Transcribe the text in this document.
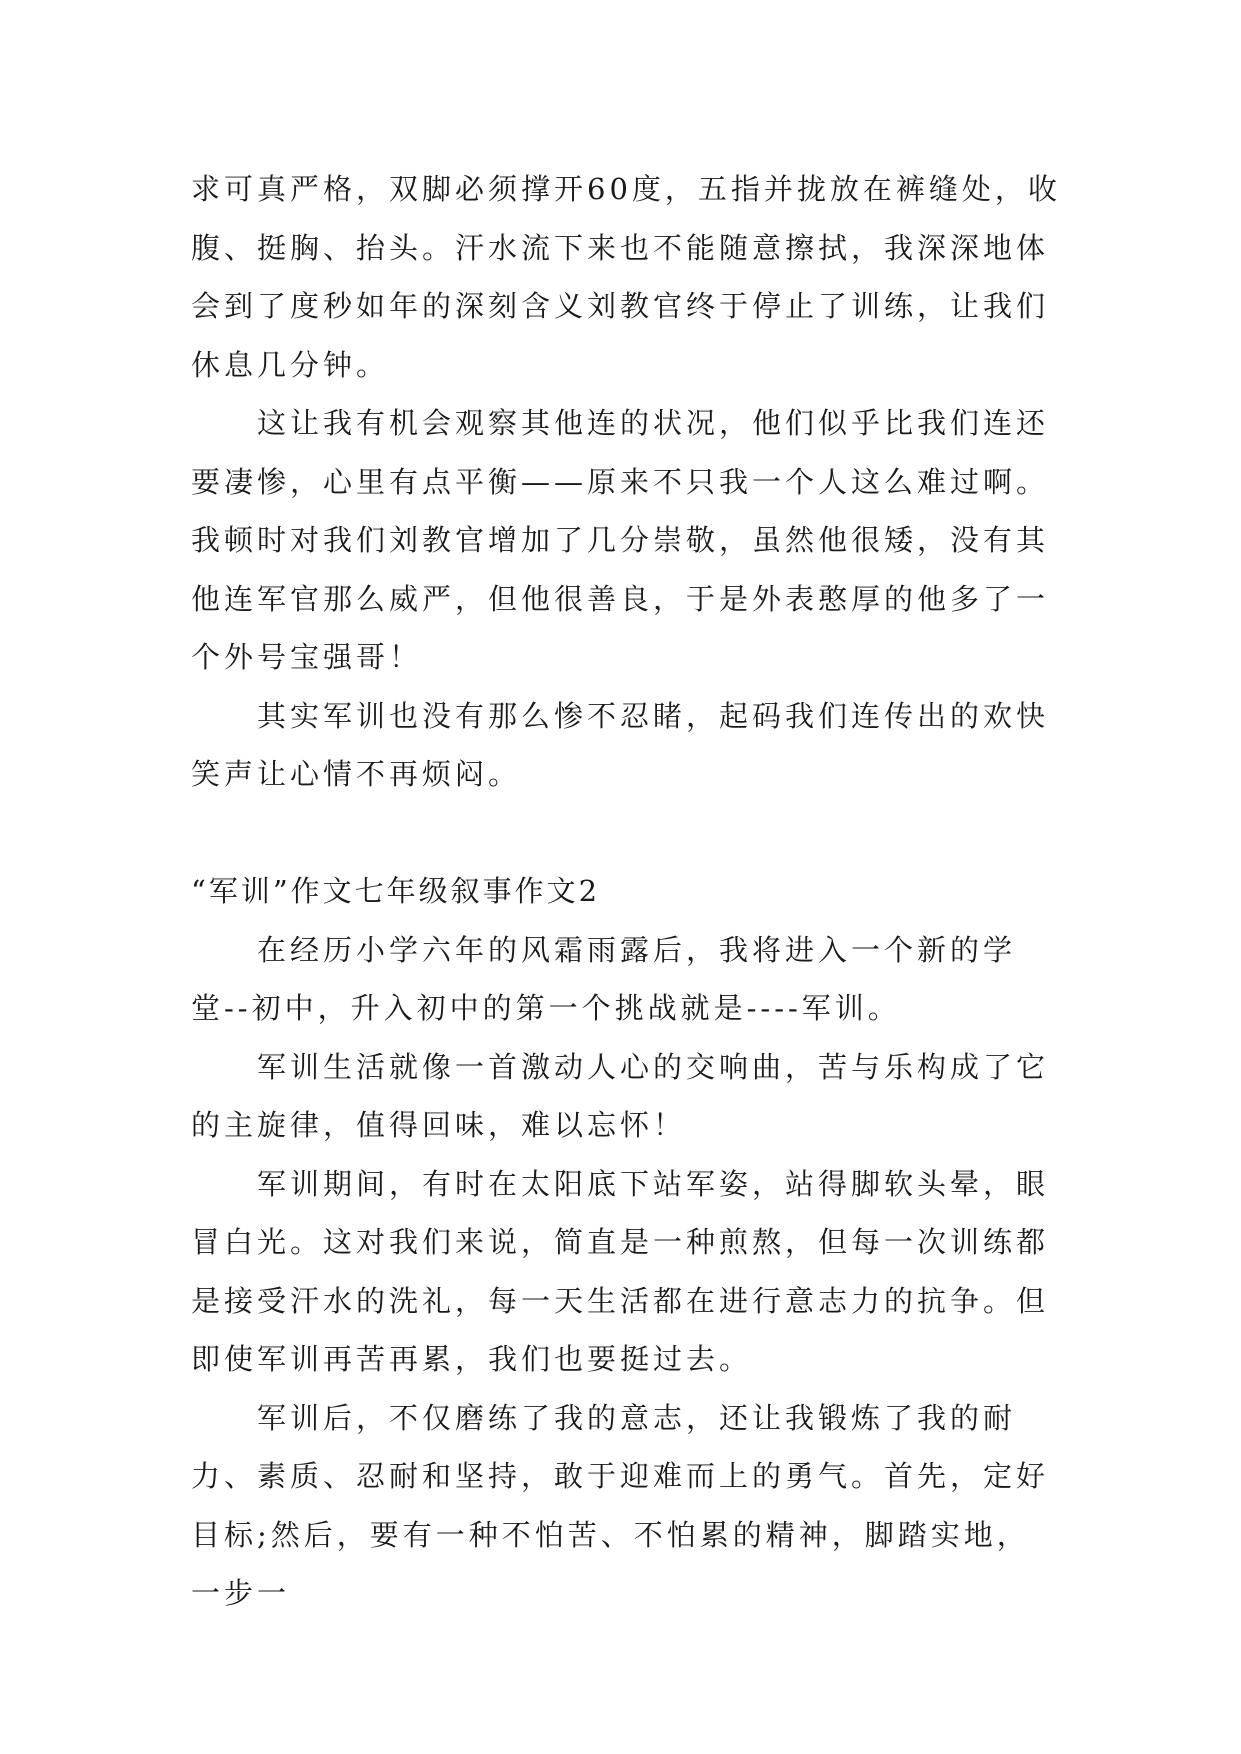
求可真严格，双脚必须撑开60度，五指并拢放在裤缝处，收腹、挺胸、抬头。汗水流下来也不能随意擦拭，我深深地体会到了度秒如年的深刻含义刘教官终于停止了训练，让我们休息几分钟。

这让我有机会观察其他连的状况，他们似乎比我们连还要凄惨，心里有点平衡——原来不只我一个人这么难过啊。我顿时对我们刘教官增加了几分崇敬，虽然他很矮，没有其他连军官那么威严，但他很善良，于是外表憨厚的他多了一个外号宝强哥！

其实军训也没有那么惨不忍睹，起码我们连传出的欢快笑声让心情不再烦闷。

“军训”作文七年级叙事作文2

在经历小学六年的风霜雨露后，我将进入一个新的学堂--初中，升入初中的第一个挑战就是----军训。

军训生活就像一首激动人心的交响曲，苦与乐构成了它的主旋律，值得回味，难以忘怀！

军训期间，有时在太阳底下站军姿，站得脚软头晕，眼冒白光。这对我们来说，简直是一种煎熬，但每一次训练都是接受汗水的洗礼，每一天生活都在进行意志力的抗争。但即使军训再苦再累，我们也要挺过去。

军训后，不仅磨练了我的意志，还让我锻炼了我的耐力、素质、忍耐和坚持，敢于迎难而上的勇气。首先，定好目标;然后，要有一种不怕苦、不怕累的精神，脚踏实地，一步一
